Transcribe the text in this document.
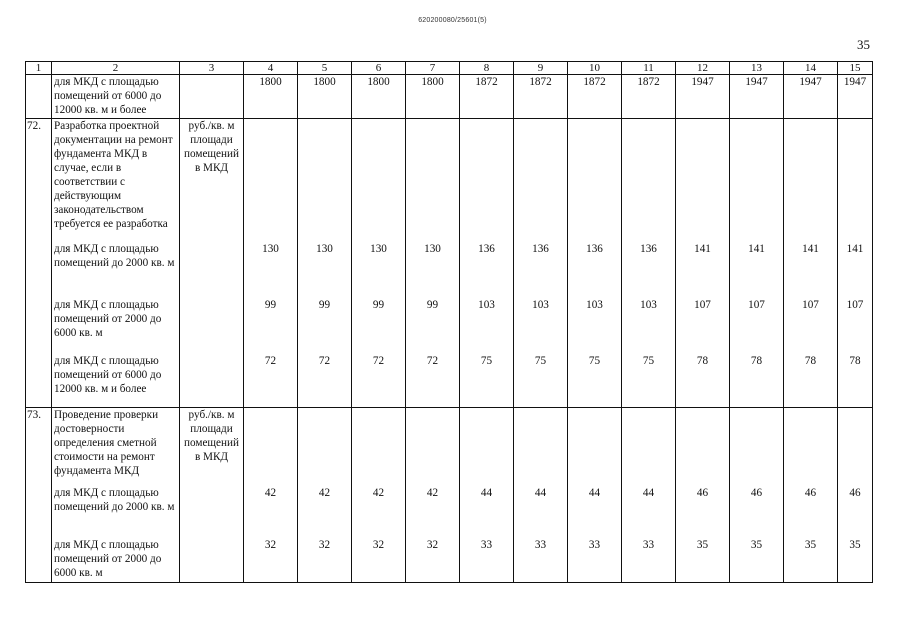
620200080/25601(5)
35
1	2	3	4	5	6	7	8	9	10	11	12	13	14	15
	для МКД с площадью помещений от 6000 до 12000 кв. м и более		1800	1800	1800	1800	1872	1872	1872	1872	1947	1947	1947	1947
72.	Разработка проектной документации на ремонт фундамента МКД в случае, если в соответствии с действующим законодательством требуется ее разработка	руб./кв. м площади помещений в МКД												
	для МКД с площадью помещений до 2000 кв. м		130	130	130	130	136	136	136	136	141	141	141	141
	для МКД с площадью помещений от 2000 до 6000 кв. м		99	99	99	99	103	103	103	103	107	107	107	107
	для МКД с площадью помещений от 6000 до 12000 кв. м и более		72	72	72	72	75	75	75	75	78	78	78	78
73.	Проведение проверки достоверности определения сметной стоимости на ремонт фундамента МКД	руб./кв. м площади помещений в МКД												
	для МКД с площадью помещений до 2000 кв. м		42	42	42	42	44	44	44	44	46	46	46	46
	для МКД с площадью помещений от 2000 до 6000 кв. м		32	32	32	32	33	33	33	33	35	35	35	35
